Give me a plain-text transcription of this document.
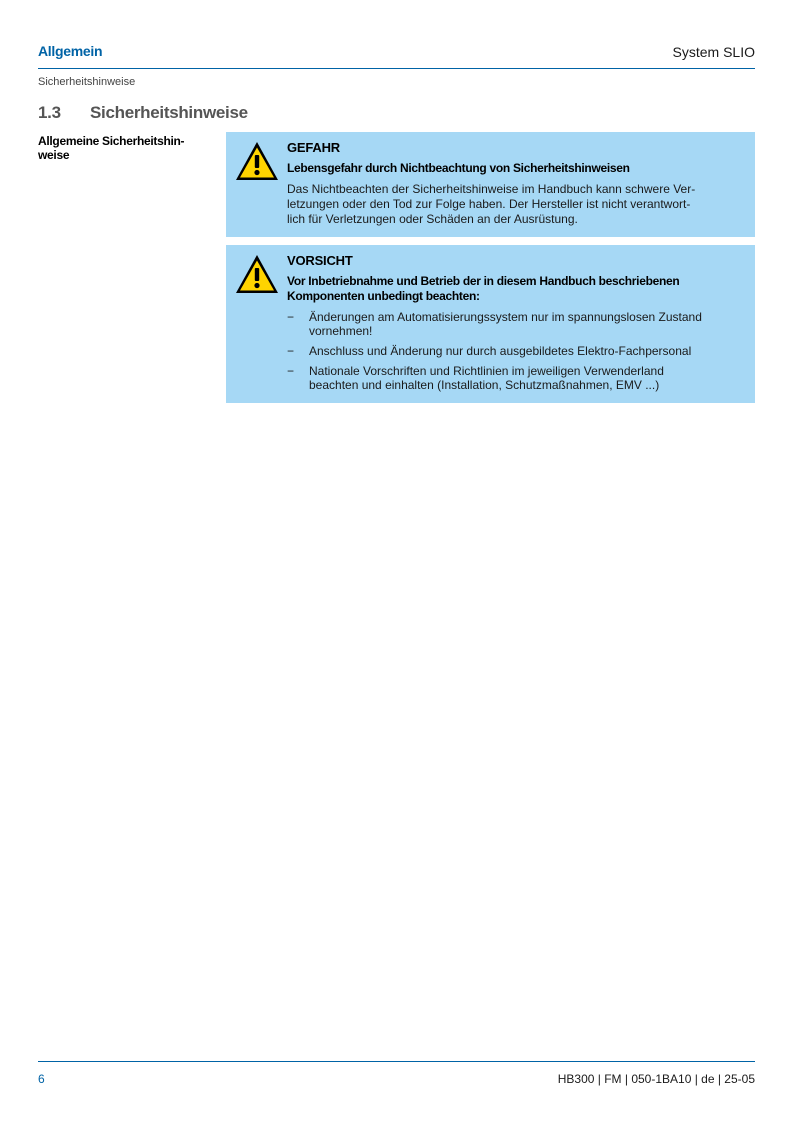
Allgemein	System SLIO
Sicherheitshinweise
1.3 Sicherheitshinweise
Allgemeine Sicherheitshin-
weise	GEFAHR
Lebensgefahr durch Nichtbeachtung von Sicherheitshinweisen
Das Nichtbeachten der Sicherheitshinweise im Handbuch kann schwere Ver-
letzungen oder den Tod zur Folge haben. Der Hersteller ist nicht verantwort-
lich für Verletzungen oder Schäden an der Ausrüstung.
VORSICHT
Vor Inbetriebnahme und Betrieb der in diesem Handbuch beschriebenen
Komponenten unbedingt beachten:
− Änderungen am Automatisierungssystem nur im spannungslosen Zustand
vornehmen!
− Anschluss und Änderung nur durch ausgebildetes Elektro-Fachpersonal
− Nationale Vorschriften und Richtlinien im jeweiligen Verwenderland
beachten und einhalten (Installation, Schutzmaßnahmen, EMV ...)
6	HB300 | FM | 050-1BA10 | de | 25-05
